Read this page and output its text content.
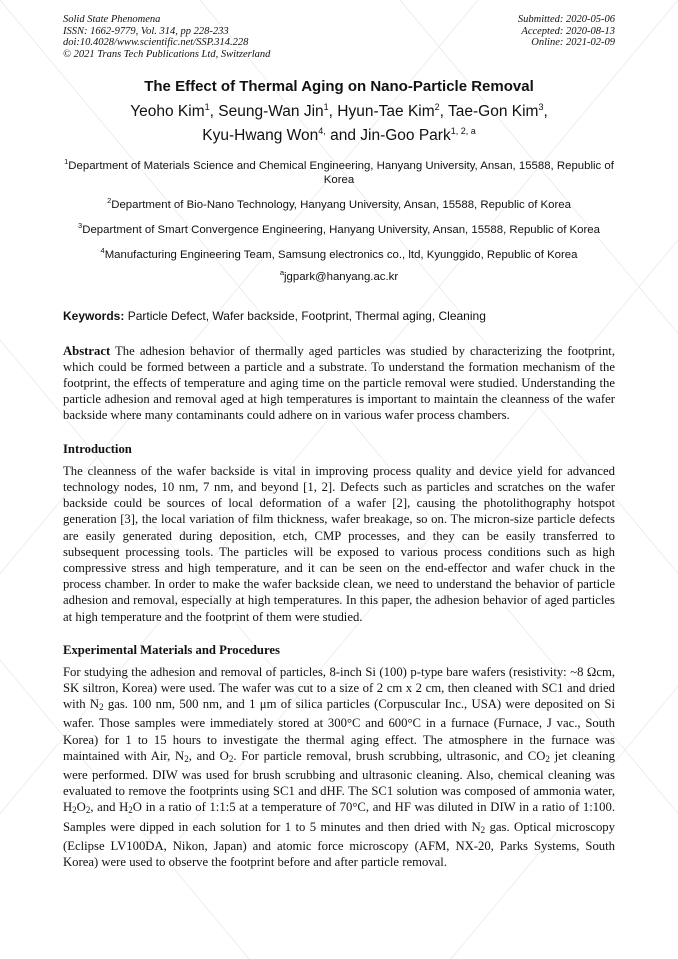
Solid State Phenomena
ISSN: 1662-9779, Vol. 314, pp 228-233
doi:10.4028/www.scientific.net/SSP.314.228
© 2021 Trans Tech Publications Ltd, Switzerland
Submitted: 2020-05-06
Accepted: 2020-08-13
Online: 2021-02-09
The Effect of Thermal Aging on Nano-Particle Removal
Yeoho Kim$^1$, Seung-Wan Jin$^1$, Hyun-Tae Kim$^2$, Tae-Gon Kim$^3$,
Kyu-Hwang Won$^{4,}$ and Jin-Goo Park$^{1, 2, a}$
$^1$Department of Materials Science and Chemical Engineering, Hanyang University, Ansan, 15588, Republic of Korea
$^2$Department of Bio-Nano Technology, Hanyang University, Ansan, 15588, Republic of Korea
$^3$Department of Smart Convergence Engineering, Hanyang University, Ansan, 15588, Republic of Korea
$^4$Manufacturing Engineering Team, Samsung electronics co., ltd, Kyunggido, Republic of Korea
$^a$jgpark@hanyang.ac.kr
Keywords: Particle Defect, Wafer backside, Footprint, Thermal aging, Cleaning

Abstract The adhesion behavior of thermally aged particles was studied by characterizing the footprint, which could be formed between a particle and a substrate. To understand the formation mechanism of the footprint, the effects of temperature and aging time on the particle removal were studied. Understanding the particle adhesion and removal aged at high temperatures is important to maintain the cleanness of the wafer backside where many contaminants could adhere on in various wafer process chambers.

Introduction

The cleanness of the wafer backside is vital in improving process quality and device yield for advanced technology nodes, 10 nm, 7 nm, and beyond [1, 2]. Defects such as particles and scratches on the wafer backside could be sources of local deformation of a wafer [2], causing the photolithography hotspot generation [3], the local variation of film thickness, wafer breakage, so on. The micron-size particle defects are easily generated during deposition, etch, CMP processes, and they can be easily transferred to subsequent processing tools. The particles will be exposed to various process conditions such as high compressive stress and high temperature, and it can be seen on the end-effector and wafer chuck in the process chamber. In order to make the wafer backside clean, we need to understand the behavior of particle adhesion and removal, especially at high temperatures. In this paper, the adhesion behavior of aged particles at high temperature and the footprint of them were studied.

Experimental Materials and Procedures

For studying the adhesion and removal of particles, 8-inch Si (100) p-type bare wafers (resistivity: ~8 Ωcm, SK siltron, Korea) were used. The wafer was cut to a size of 2 cm x 2 cm, then cleaned with SC1 and dried with $N_2$ gas. 100 nm, 500 nm, and 1 μm of silica particles (Corpuscular Inc., USA) were deposited on Si wafer. Those samples were immediately stored at 300°C and 600°C in a furnace (Furnace, J vac., South Korea) for 1 to 15 hours to investigate the thermal aging effect. The atmosphere in the furnace was maintained with Air, $N_2$, and $O_2$. For particle removal, brush scrubbing, ultrasonic, and $CO_2$ jet cleaning were performed. DIW was used for brush scrubbing and ultrasonic cleaning. Also, chemical cleaning was evaluated to remove the footprints using SC1 and dHF. The SC1 solution was composed of ammonia water, $H_2O_2$, and $H_2O$ in a ratio of 1:1:5 at a temperature of 70°C, and HF was diluted in DIW in a ratio of 1:100. Samples were dipped in each solution for 1 to 5 minutes and then dried with $N_2$ gas. Optical microscopy (Eclipse LV100DA, Nikon, Japan) and atomic force microscopy (AFM, NX-20, Parks Systems, South Korea) were used to observe the footprint before and after particle removal.
